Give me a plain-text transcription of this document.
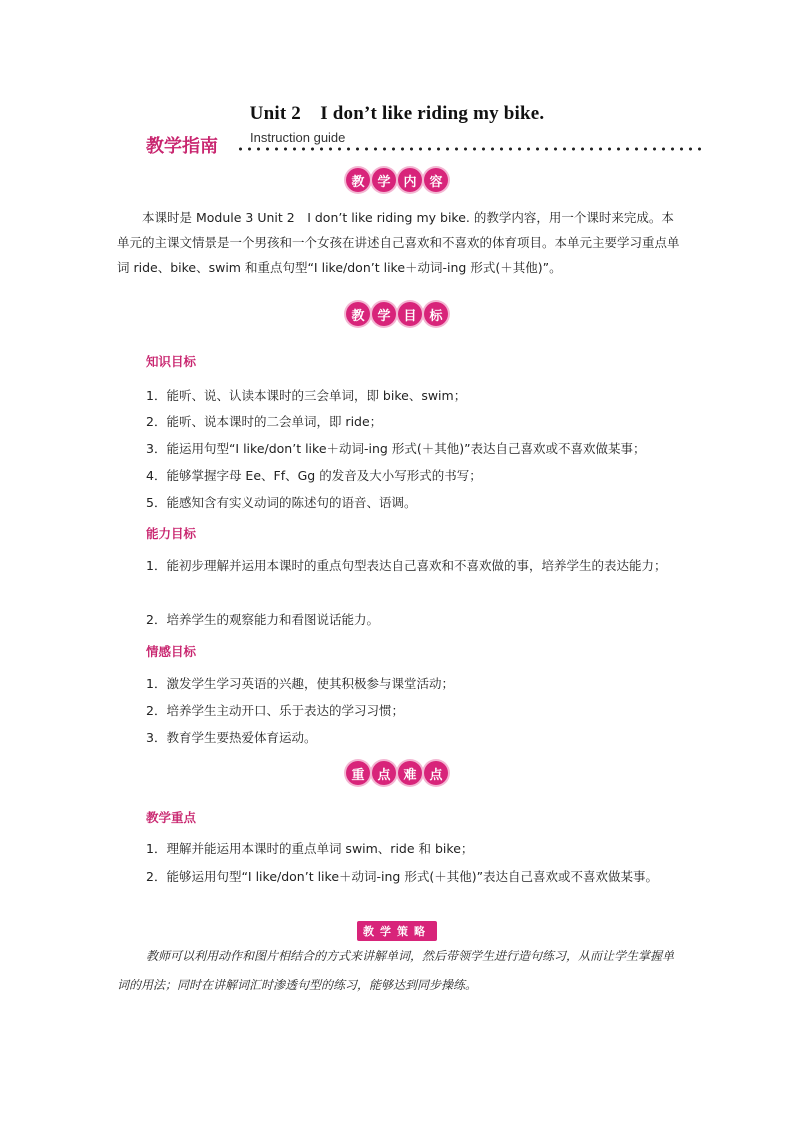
Unit 2　I don’t like riding my bike.
教学指南 Instruction guide
教 学 内 容
本课时是 Module 3 Unit 2　I don’t like riding my bike. 的教学内容，用一个课时来完成。本单元的主课文情景是一个男孩和一个女孩在讲述自己喜欢和不喜欢的体育项目。本单元主要学习重点单词 ride、bike、swim 和重点句型“I like/don’t like＋动词-ing 形式(＋其他)”。
教 学 目 标
知识目标
1．能听、说、认读本课时的三会单词，即 bike、swim；
2．能听、说本课时的二会单词，即 ride；
3．能运用句型“I like/don’t like＋动词-ing 形式(＋其他)”表达自己喜欢或不喜欢做某事；
4．能够掌握字母 Ee、Ff、Gg 的发音及大小写形式的书写；
5．能感知含有实义动词的陈述句的语音、语调。
能力目标
1．能初步理解并运用本课时的重点句型表达自己喜欢和不喜欢做的事，培养学生的表达能力；
2．培养学生的观察能力和看图说话能力。
情感目标
1．激发学生学习英语的兴趣，使其积极参与课堂活动；
2．培养学生主动开口、乐于表达的学习习惯；
3．教育学生要热爱体育运动。
重 点 难 点
教学重点
1．理解并能运用本课时的重点单词 swim、ride 和 bike；
2．能够运用句型“I like/don’t like＋动词-ing 形式(＋其他)”表达自己喜欢或不喜欢做某事。
教学策略
教师可以利用动作和图片相结合的方式来讲解单词，然后带领学生进行造句练习，从而让学生掌握单词的用法；同时在讲解词汇时渗透句型的练习，能够达到同步操练。
